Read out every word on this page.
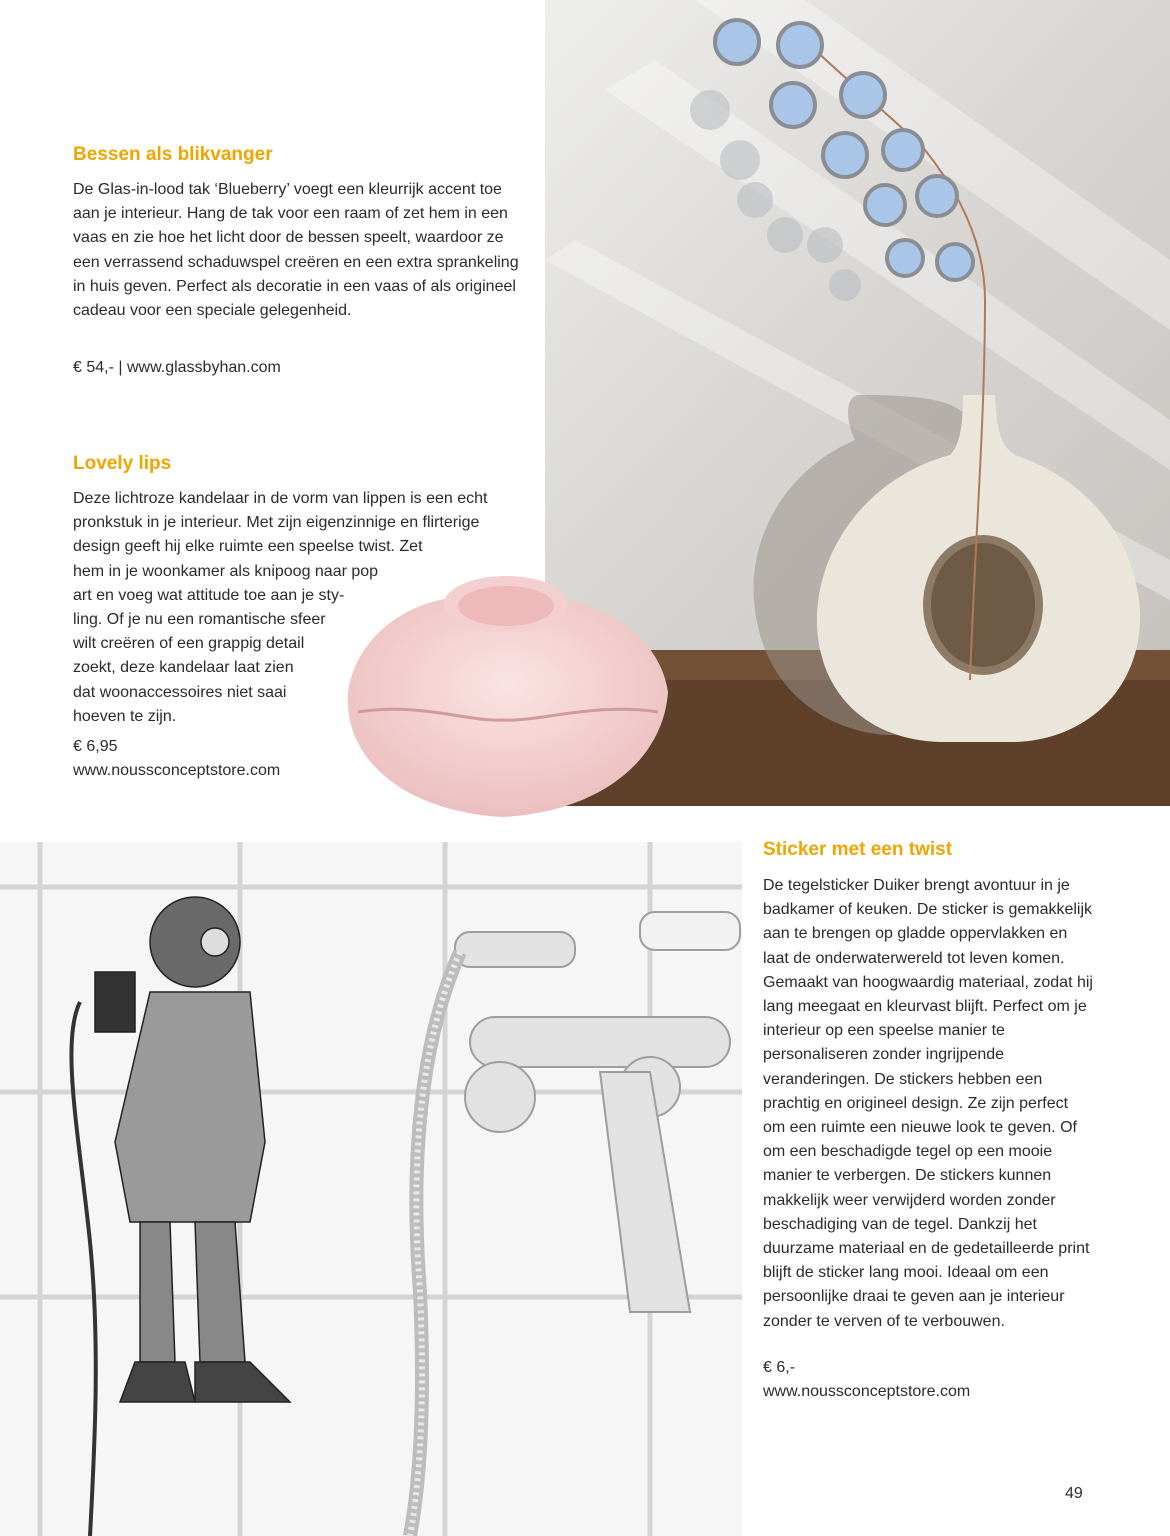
Bessen als blikvanger

De Glas-in-lood tak ‘Blueberry’ voegt een kleurrijk accent toe aan je interieur. Hang de tak voor een raam of zet hem in een vaas en zie hoe het licht door de bessen speelt, waardoor ze een verrassend schaduwspel creëren en een extra sprankeling in huis geven. Perfect als decoratie in een vaas of als origineel cadeau voor een speciale gelegenheid.

€ 54,- | www.glassbyhan.com

Lovely lips
Deze lichtroze kandelaar in de vorm van lippen is een echt
pronkstuk in je interieur. Met zijn eigenzinnige en flirterige
design geeft hij elke ruimte een speelse twist. Zet
hem in je woonkamer als knipoog naar pop
art en voeg wat attitude toe aan je sty-
ling. Of je nu een romantische sfeer
wilt creëren of een grappig detail
zoekt, deze kandelaar laat zien
dat woonaccessoires niet saai
hoeven te zijn.

€ 6,95

www.noussconceptstore.com

Sticker met een twist

De tegelsticker Duiker brengt avontuur in je badkamer of keuken. De sticker is gemakkelijk aan te brengen op gladde oppervlakken en laat de onderwaterwereld tot leven komen. Gemaakt van hoogwaardig materiaal, zodat hij lang meegaat en kleurvast blijft. Perfect om je interieur op een speelse manier te personaliseren zonder ingrijpende veranderingen. De stickers hebben een prachtig en origineel design. Ze zijn perfect om een ruimte een nieuwe look te geven. Of om een beschadigde tegel op een mooie manier te verbergen. De stickers kunnen makkelijk weer verwijderd worden zonder beschadiging van de tegel. Dankzij het duurzame materiaal en de gedetailleerde print blijft de sticker lang mooi. Ideaal om een persoonlijke draai te geven aan je interieur zonder te verven of te verbouwen.

€ 6,-

www.noussconceptstore.com

49
